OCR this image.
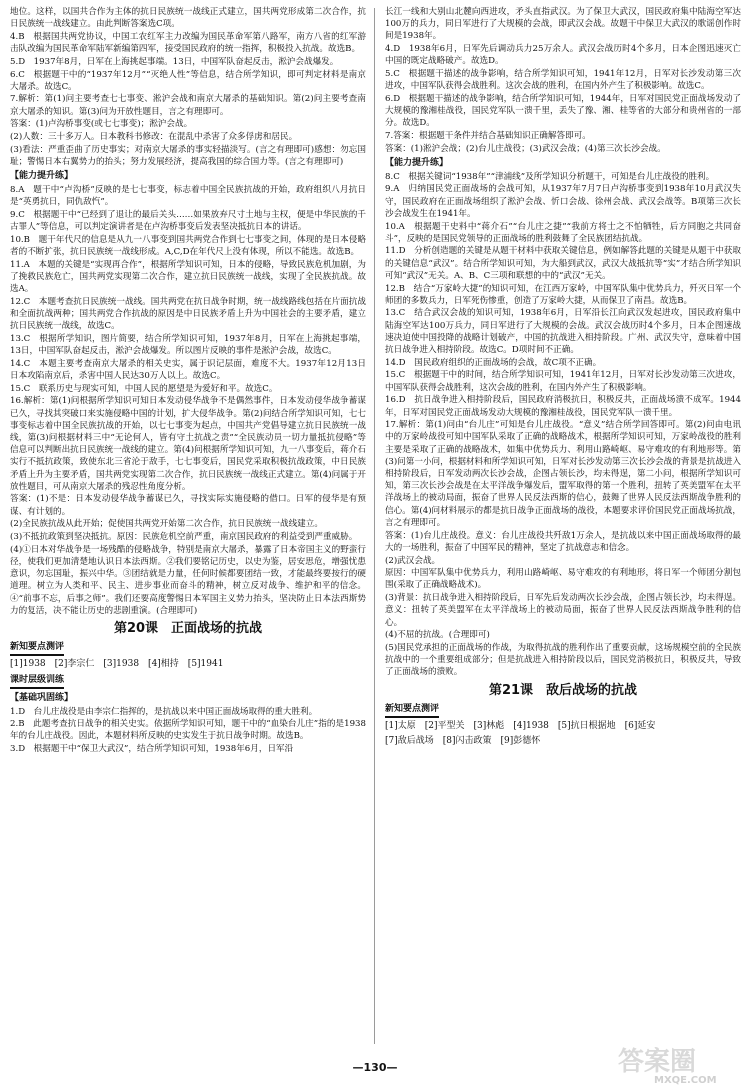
地位。这样，以国共合作为主体的抗日民族统一战线正式建立，国共两党形成第二次合作，抗日民族统一战线建立。由此判断答案选C项。

4.B　根据国共两党协议，中国工农红军主力改编为国民革命军第八路军，南方八省的红军游击队改编为国民革命军陆军新编第四军，接受国民政府的统一指挥，积极投入抗战。故选B。

5.D　1937年8月，日军在上海挑起事端。13日，中国军队奋起反击，淞沪会战爆发。

6.C　根据题干中的“1937年12月”“灭绝人性”等信息，结合所学知识，即可判定材料是南京大屠杀。故选C。

7.解析：第(1)问主要考查七七事变、淞沪会战和南京大屠杀的基础知识。第(2)问主要考查南京大屠杀的知识。第(3)问为开放性题目，言之有理即可。

答案：(1)卢沟桥事变(或七七事变)；淞沪会战。

(2)人数：三十多万人。日本教科书修改：在混乱中杀害了众多俘虏和居民。

(3)看法：严重歪曲了历史事实；对南京大屠杀的事实轻描淡写。(言之有理即可)感想：勿忘国耻；警惕日本右翼势力的抬头；努力发展经济，提高我国的综合国力等。(言之有理即可)

【能力提升练】

8.A　题干中“卢沟桥”反映的是七七事变，标志着中国全民族抗战的开始，政府组织八月抗日是“英勇抗日，同仇敌忾”。

9.C　根据题干中“已经到了退让的最后关头……如果放弃尺寸土地与主权，便是中华民族的千古罪人”等信息，可以判定演讲者是在卢沟桥事变后发表坚决抵抗日本的讲话。

10.B　题干年代尺的信息是从九一八事变到国共两党合作到七七事变之间，体现的是日本侵略者的不断扩张，抗日民族统一战线形成。A,C,D在年代尺上没有体现，所以不能选。故选B。

11.A　本题的关键是“实现再合作”，根据所学知识可知，日本的侵略，导致民族危机加剧，为了挽救民族危亡，国共两党实现第二次合作，建立抗日民族统一战线，实现了全民族抗战。故选A。

12.C　本题考查抗日民族统一战线。国共两党在抗日战争时期，统一战线路线包括在片面抗战和全面抗战两种；国共两党合作抗战的原因是中日民族矛盾上升为中国社会的主要矛盾，建立抗日民族统一战线，故选C。

13.C　根据所学知识，图片简要，结合所学知识可知，1937年8月，日军在上海挑起事端，13日，中国军队奋起反击，淞沪会战爆发。所以图片反映的事件是淞沪会战，故选C。

14.C　本题主要考查南京大屠杀的相关史实，属于识记层面，难度不大。1937年12月13日日本攻陷南京后，杀害中国人民达30万人以上。故选C。

15.C　联系历史与现实可知，中国人民的愿望是为爱好和平。故选C。

16.解析：第(1)问根据所学知识可知日本发动侵华战争不是偶然事件，日本发动侵华战争蓄谋已久，寻找其突破口来实施侵略中国的计划，扩大侵华战争。第(2)问结合所学知识可知，七七事变标志着中国全民族抗战的开始，以七七事变为起点，中国共产党倡导建立抗日民族统一战线，第(3)问根据材料三中“无论何人，皆有守土抗战之责”“全民族动员一切力量抵抗侵略”等信息可以判断出抗日民族统一战线的建立。第(4)问根据所学知识可知，九一八事变后，蒋介石实行不抵抗政策，致使东北三省沦于敌手，七七事变后，国民党采取积极抗战政策，中日民族矛盾上升为主要矛盾，国共两党实现第二次合作，抗日民族统一战线正式建立。第(4)问属于开放性题目，可从南京大屠杀的残忍性角度分析。

答案：(1)不是：日本发动侵华战争蓄谋已久，寻找实际实施侵略的借口。日军的侵华是有预谋、有计划的。

(2)全民族抗战从此开始；促使国共两党开始第二次合作，抗日民族统一战线建立。

(3)不抵抗政策到坚决抵抗。原因：民族危机空前严重，南京国民政府的利益受到严重威胁。

(4)①日本对华战争是一场残酷的侵略战争，特别是南京大屠杀，暴露了日本帝国主义的野蛮行径，使我们更加清楚地认识日本法西斯。②我们要铭记历史，以史为鉴，居安思危，增强忧患意识，勿忘国耻，振兴中华。③团结就是力量，任何时候都要团结一致，才能最终要按行的硬道理。树立为人类和平、民主、进步事业而奋斗的精神，树立反对战争、维护和平的信念。④“前事不忘，后事之师”。我们还要高度警惕日本军国主义势力抬头，坚决防止日本法西斯势力的复活，决不能让历史的悲剧重演。(合理即可)

第20课　正面战场的抗战
新知要点测评
[1]1938　[2]李宗仁　[3]1938　[4]相持　[5]1941
课时层级训练
【基础巩固练】

1.D　台儿庄战役是由李宗仁指挥的，是抗战以来中国正面战场取得的重大胜利。

2.B　此题考查抗日战争的相关史实。依据所学知识可知，题干中的“血染台儿庄”指的是1938年的台儿庄战役。因此，本题材料所反映的史实发生于抗日战争时期。故选B。

3.D　根据题干中“保卫大武汉”，结合所学知识可知，1938年6月，日军沿

长江一线和大别山北麓向西进攻，矛头直指武汉。为了保卫大武汉，国民政府集中陆海空军达100万的兵力，同日军进行了大规模的会战，即武汉会战。故题干中保卫大武汉的歌谣创作时间是1938年。

4.D　1938年6月，日军先后调动兵力25万余人。武汉会战历时4个多月，日本企图迅速灭亡中国的既定战略破产。故选D。

5.C　根据题干描述的战争影响，结合所学知识可知，1941年12月，日军对长沙发动第三次进攻，中国军队获得会战胜利。这次会战的胜利，在国内外产生了积极影响。故选C。

6.D　根据题干描述的战争影响，结合所学知识可知，1944年，日军对国民党正面战场发动了大规模的豫湘桂战役，国民党军队一溃千里，丢失了豫、湘、桂等省的大部分和贵州省的一部分。故选D。

7.答案：根据题干条件并结合基础知识正确解答即可。

答案：(1)淞沪会战；(2)台儿庄战役；(3)武汉会战；(4)第三次长沙会战。

【能力提升练】

8.C　根据关键词“1938年”“津浦线”及所学知识分析题干，可知是台儿庄战役的胜利。

9.A　归纳国民党正面战场的会战可知，从1937年7月7日卢沟桥事变到1938年10月武汉失守，国民政府在正面战场组织了淞沪会战、忻口会战、徐州会战、武汉会战等。B项第三次长沙会战发生在1941年。

10.A　根据题干史料中“蒋介石”“台儿庄之捷”“我前方将士之不怕牺牲，后方同胞之共同奋斗”，反映的是国民党领导的正面战场的胜利鼓舞了全民族团结抗战。

11.D　分析创造题的关键是从题干材料中获取关键信息，例如解答此题的关键是从题干中获取的关键信息“武汉”。结合所学知识可知，为大船到武汉，武汉大战抵抗等“实”才结合所学知识可知“武汉”无关。A、B、C三项和联想的中的“武汉”无关。

12.B　结合“万家岭大捷”的知识可知，在江西万家岭，中国军队集中优势兵力，歼灭日军一个师团的多数兵力，日军死伤惨重，创造了万家岭大捷，从而保卫了南昌。故选B。

13.C　结合武汉会战的知识可知，1938年6月，日军沿长江向武汉发起进攻，国民政府集中陆海空军达100万兵力，同日军进行了大规模的会战。武汉会战历时4个多月，日本企图速战速决迫使中国投降的战略计划破产，中国的抗战进入相持阶段。广州、武汉失守，意味着中国抗日战争进入相持阶段。故选C。D项时间不正确。

14.D　国民政府组织的正面战场的会战，故C项不正确。

15.C　根据题干中的时间，结合所学知识可知，1941年12月，日军对长沙发动第三次进攻，中国军队获得会战胜利，这次会战的胜利，在国内外产生了积极影响。

16.D　抗日战争进入相持阶段后，国民政府消极抗日，积极反共，正面战场溃不成军。1944年，日军对国民党正面战场发动大规模的豫湘桂战役，国民党军队一溃千里。

17.解析：第(1)问由“台儿庄”可知是台儿庄战役。“意义”结合所学回答即可。第(2)问由电讯中的万家岭战役可知中国军队采取了正确的战略战术，根据所学知识可知，万家岭战役的胜利主要是采取了正确的战略战术，如集中优势兵力、利用山路崎岖、易守难攻的有利地形等。第(3)问第一小问，根据材料和所学知识可知，日军对长沙发动第三次长沙会战的背景是抗战进入相持阶段后，日军发动两次长沙会战，企图占领长沙，均未得逞，第二小问，根据所学知识可知，第三次长沙会战是在太平洋战争爆发后，盟军取得的第一个胜利，扭转了英美盟军在太平洋战场上的被动局面，振奋了世界人民反法西斯的信心，鼓舞了世界人民反法西斯战争胜利的信心。第(4)问材料展示的都是抗日战争正面战场的战役，本题要求评价国民党正面战场抗战，言之有理即可。

答案：(1)台儿庄战役。意义：台儿庄战役共歼敌1万余人，是抗战以来中国正面战场取得的最大的一场胜利，振奋了中国军民的精神，坚定了抗战意志和信念。

(2)武汉会战。

原因：中国军队集中优势兵力，利用山路崎岖、易守难攻的有利地形，将日军一个师团分割包围(采取了正确战略战术)。

(3)背景：抗日战争进入相持阶段后，日军先后发动两次长沙会战，企图占领长沙，均未得逞。意义：扭转了英美盟军在太平洋战场上的被动局面，振奋了世界人民反法西斯战争胜利的信心。

(4)不屈的抗战。(合理即可)

(5)国民党承担的正面战场的作战，为取得抗战的胜利作出了重要贡献，这场规模空前的全民族抗战中的一个重要组成部分；但是抗战进入相持阶段以后，国民党消极抗日，积极反共，导致了正面战场的溃败。

第21课　敌后战场的抗战
新知要点测评
[1]太原　[2]平型关　[3]林彪　[4]1938　[5]抗日根据地　[6]延安
[7]敌后战场　[8]闪击政策　[9]彭德怀
—130—	答案圈
MXQE.COM
